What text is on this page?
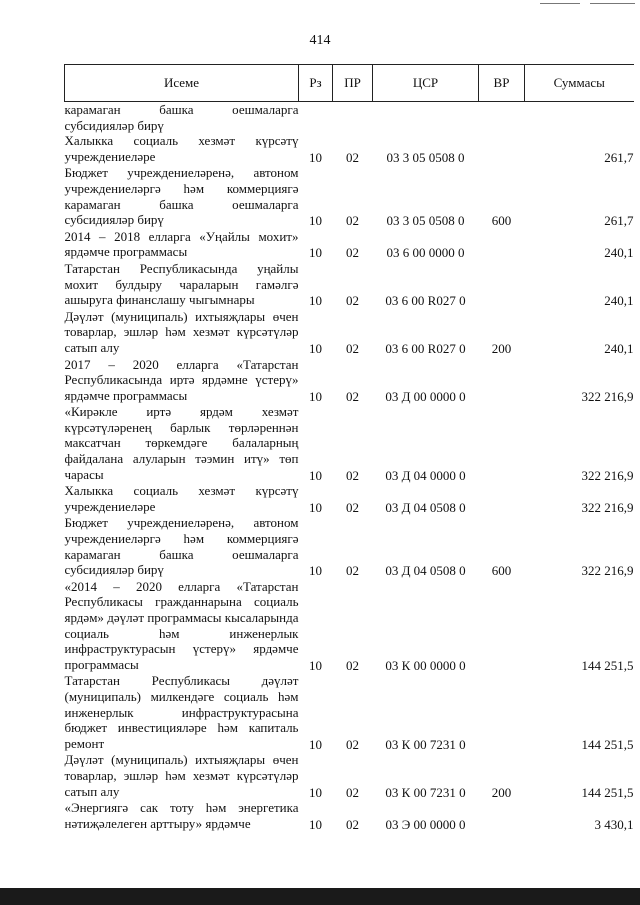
414
Исеме	Рз	ПР	ЦСР	ВР	Суммасы
карамаган башка оешмаларга субсидияләр бирү					
Халыкка социаль хезмәт күрсәтү учреждениеләре	10	02	03 3 05 0508 0		261,7
Бюджет учреждениеләренә, автоном учреждениеләргә һәм коммерциягә карамаган башка оешмаларга субсидияләр бирү	10	02	03 3 05 0508 0	600	261,7
2014 – 2018 елларга «Уңайлы мохит» ярдәмче программасы	10	02	03 6 00 0000 0		240,1
Татарстан Республикасында уңайлы мохит булдыру чараларын гамәлгә ашыруга финанслашу чыгымнары	10	02	03 6 00 R027 0		240,1
Дәүләт (муниципаль) ихтыяҗлары өчен товарлар, эшләр һәм хезмәт күрсәтүләр сатып алу	10	02	03 6 00 R027 0	200	240,1
2017 – 2020 елларга «Татарстан Республикасында иртә ярдәмне үстерү» ярдәмче программасы	10	02	03 Д 00 0000 0		322 216,9
«Кирәкле иртә ярдәм хезмәт күрсәтүләренең барлык төрләреннән максатчан төркемдәге балаларның файдалана алуларын тәэмин итү» төп чарасы	10	02	03 Д 04 0000 0		322 216,9
Халыкка социаль хезмәт күрсәтү учреждениеләре	10	02	03 Д 04 0508 0		322 216,9
Бюджет учреждениеләренә, автоном учреждениеләргә һәм коммерциягә карамаган башка оешмаларга субсидияләр бирү	10	02	03 Д 04 0508 0	600	322 216,9
«2014 – 2020 елларга «Татарстан Республикасы гражданнарына социаль ярдәм» дәүләт программасы кысаларында социаль һәм инженерлык инфраструктурасын үстерү» ярдәмче программасы	10	02	03 К 00 0000 0		144 251,5
Татарстан Республикасы дәүләт (муниципаль) милкендәге социаль һәм инженерлык инфраструктурасына бюджет инвестицияләре һәм капиталь ремонт	10	02	03 К 00 7231 0		144 251,5
Дәүләт (муниципаль) ихтыяҗлары өчен товарлар, эшләр һәм хезмәт күрсәтүләр сатып алу	10	02	03 К 00 7231 0	200	144 251,5
«Энергиягә сак тоту һәм энергетика нәтиҗәлелеген арттыру» ярдәмче	10	02	03 Э 00 0000 0		3 430,1
